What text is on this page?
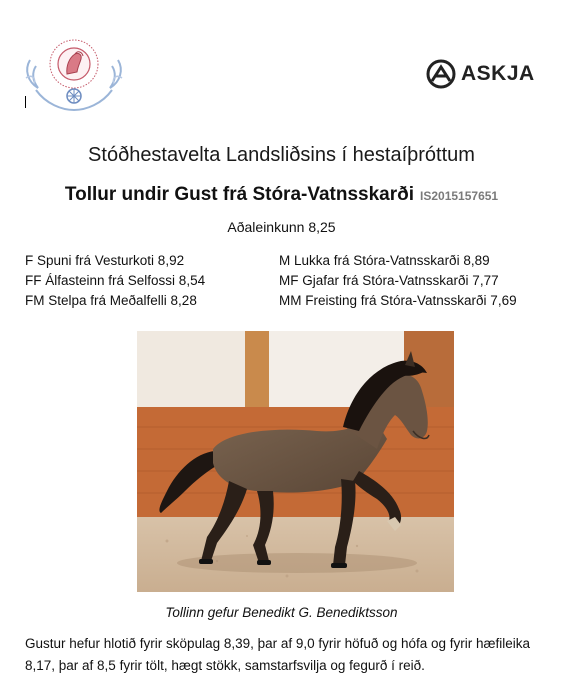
ASKJA
Stóðhestavelta Landsliðsins í hestaíþróttum
Tollur undir Gust frá Stóra-Vatnsskarði IS2015157651
Aðaleinkunn 8,25
F Spuni frá Vesturkoti 8,92
FF Álfasteinn frá Selfossi 8,54
FM Stelpa frá Meðalfelli 8,28
M Lukka frá Stóra-Vatnsskarði 8,89
MF Gjafar frá Stóra-Vatnsskarði 7,77
MM Freisting frá Stóra-Vatnsskarði 7,69
Tollinn gefur Benedikt G. Benediktsson
Gustur hefur hlotið fyrir sköpulag 8,39, þar af 9,0 fyrir höfuð og hófa og fyrir hæfileika 8,17, þar af 8,5 fyrir tölt, hægt stökk, samstarfsvilja og fegurð í reið.
